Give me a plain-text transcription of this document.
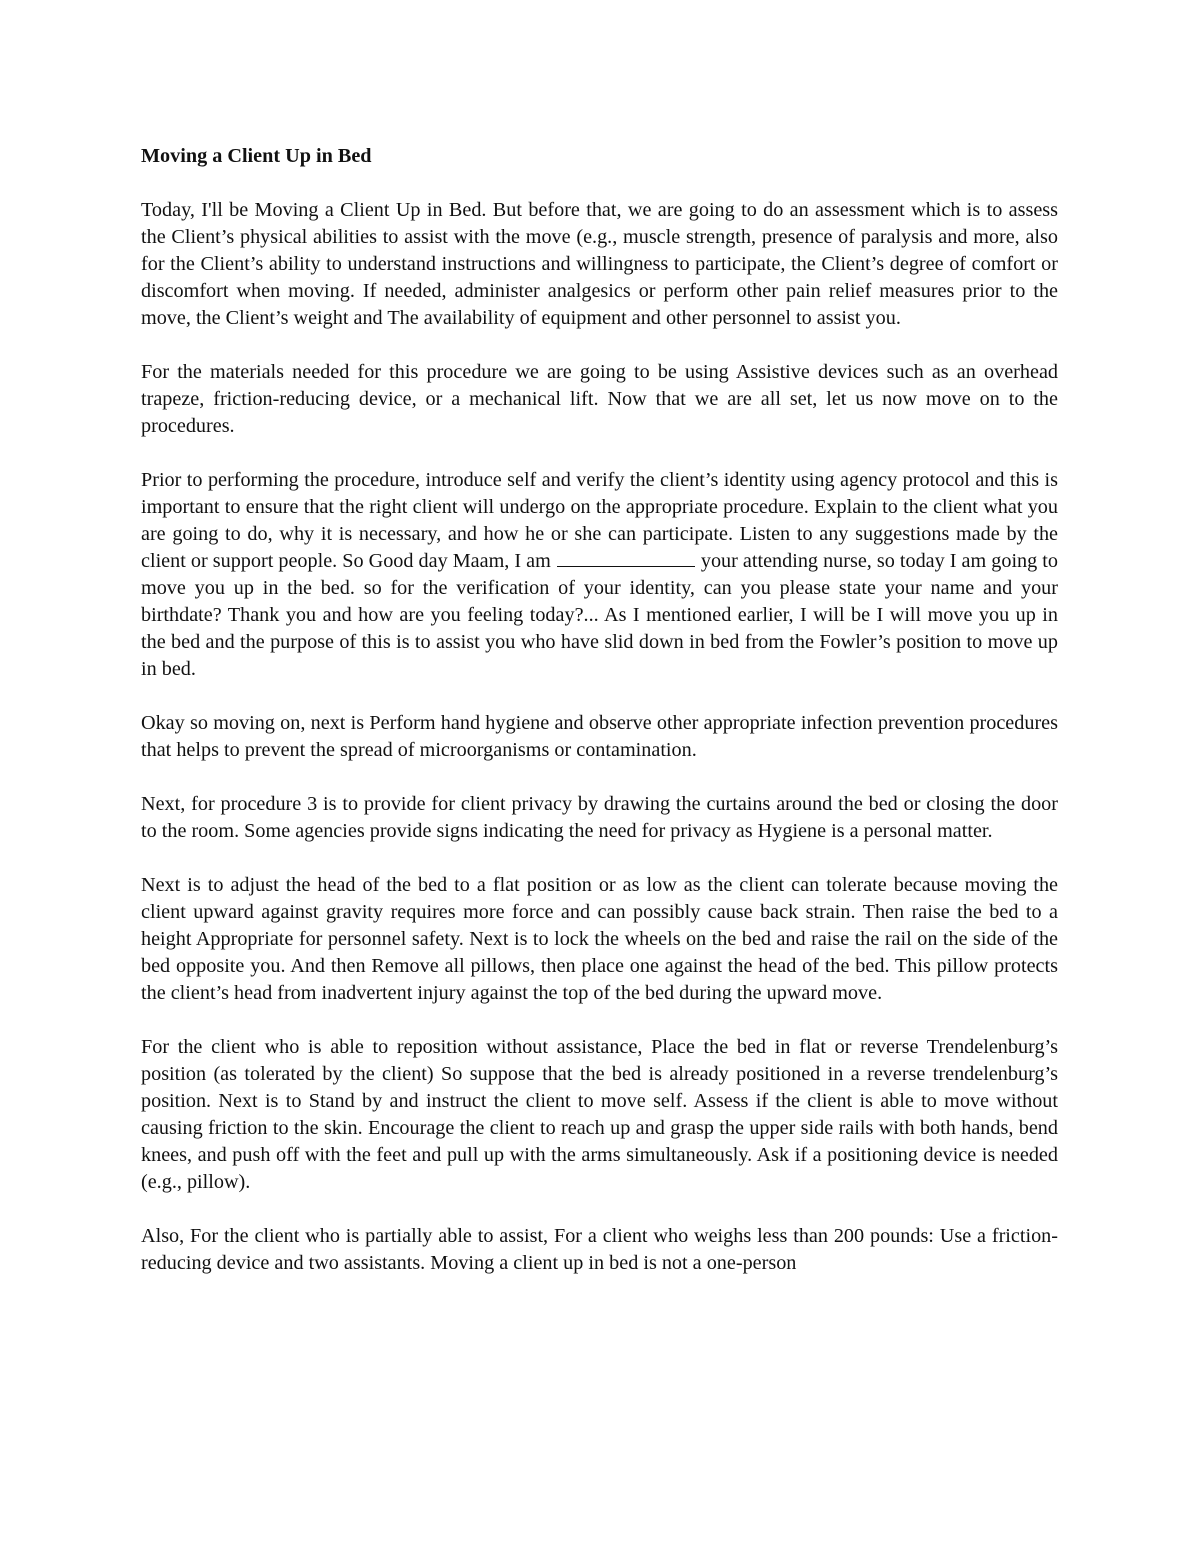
Moving a Client Up in Bed

Today, I'll be Moving a Client Up in Bed. But before that, we are going to do an assessment which is to assess the Client’s physical abilities to assist with the move (e.g., muscle strength, presence of paralysis and more, also for the Client’s ability to understand instructions and willingness to participate, the Client’s degree of comfort or discomfort when moving. If needed, administer analgesics or perform other pain relief measures prior to the move, the Client’s weight and The availability of equipment and other personnel to assist you.

For the materials needed for this procedure we are going to be using Assistive devices such as an overhead trapeze, friction-reducing device, or a mechanical lift. Now that we are all set, let us now move on to the procedures.

Prior to performing the procedure, introduce self and verify the client’s identity using agency protocol and this is important to ensure that the right client will undergo on the appropriate procedure. Explain to the client what you are going to do, why it is necessary, and how he or she can participate. Listen to any suggestions made by the client or support people. So Good day Maam, I am	your attending nurse, so today I am going to move you up in the bed. so for the verification of your identity, can you please state your name and your birthdate? Thank you and how are you feeling today?... As I mentioned earlier, I will be I will move you up in the bed and the purpose of this is to assist you who have slid down in bed from the Fowler’s position to move up in bed.

Okay so moving on, next is Perform hand hygiene and observe other appropriate infection prevention procedures that helps to prevent the spread of microorganisms or contamination.

Next, for procedure 3 is to provide for client privacy by drawing the curtains around the bed or closing the door to the room. Some agencies provide signs indicating the need for privacy as Hygiene is a personal matter.

Next is to adjust the head of the bed to a flat position or as low as the client can tolerate because moving the client upward against gravity requires more force and can possibly cause back strain. Then raise the bed to a height Appropriate for personnel safety. Next is to lock the wheels on the bed and raise the rail on the side of the bed opposite you. And then Remove all pillows, then place one against the head of the bed. This pillow protects the client’s head from inadvertent injury against the top of the bed during the upward move.

For the client who is able to reposition without assistance, Place the bed in flat or reverse Trendelenburg’s position (as tolerated by the client) So suppose that the bed is already positioned in a reverse trendelenburg’s position. Next is to Stand by and instruct the client to move self. Assess if the client is able to move without causing friction to the skin. Encourage the client to reach up and grasp the upper side rails with both hands, bend knees, and push off with the feet and pull up with the arms simultaneously. Ask if a positioning device is needed (e.g., pillow).

Also, For the client who is partially able to assist, For a client who weighs less than 200 pounds: Use a friction-reducing device and two assistants. Moving a client up in bed is not a one-person
